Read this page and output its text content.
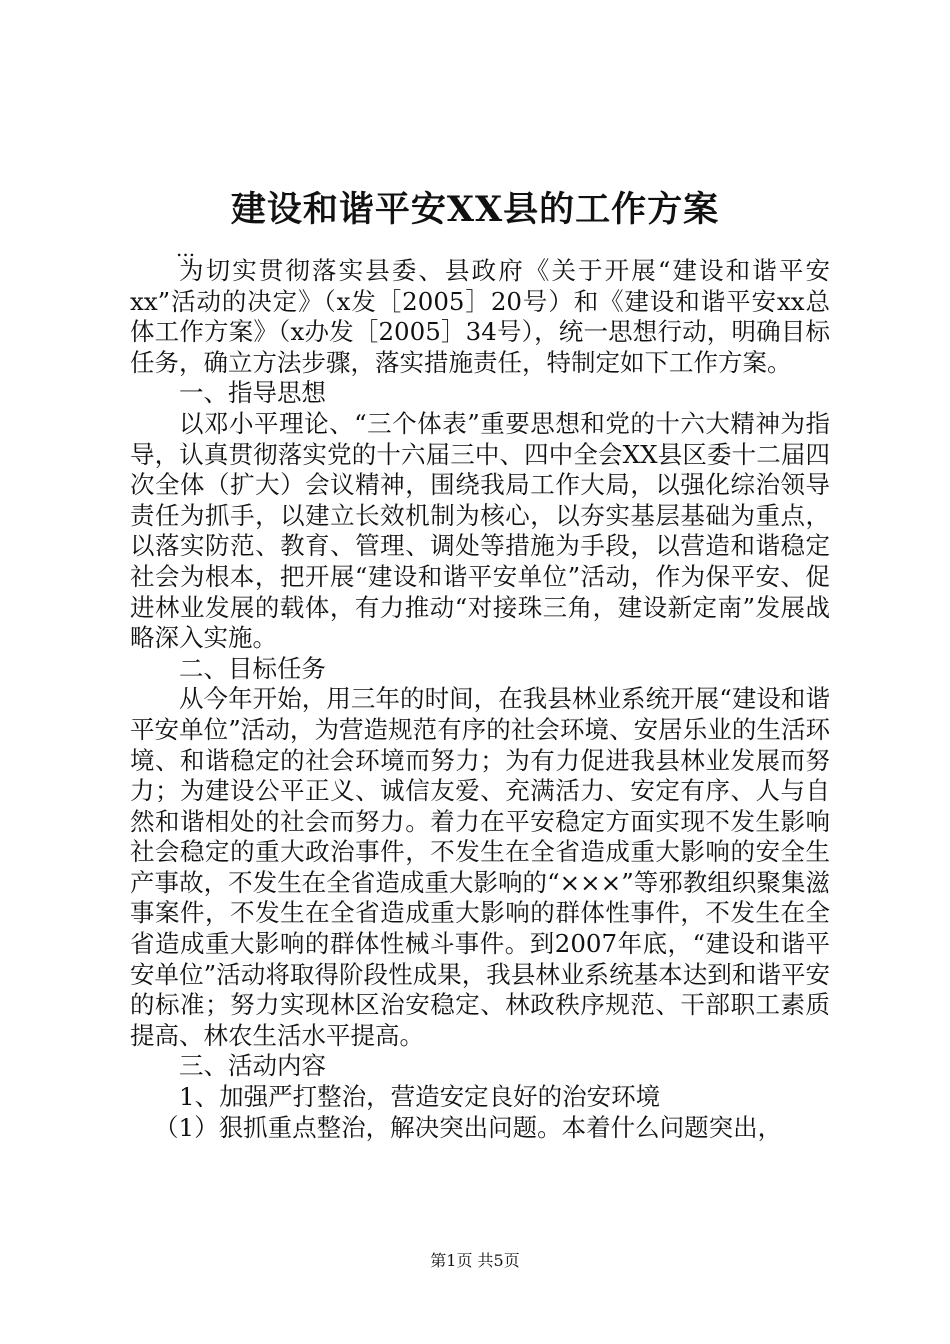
建设和谐平安XX县的工作方案

...

为切实贯彻落实县委、县政府《关于开展“建设和谐平安xx”活动的决定》（x发［2005］20号）和《建设和谐平安xx总体工作方案》（x办发［2005］34号），统一思想行动，明确目标任务，确立方法步骤，落实措施责任，特制定如下工作方案。

一、指导思想

以邓小平理论、“三个体表”重要思想和党的十六大精神为指导，认真贯彻落实党的十六届三中、四中全会XX县区委十二届四次全体（扩大）会议精神，围绕我局工作大局，以强化综治领导责任为抓手，以建立长效机制为核心，以夯实基层基础为重点，以落实防范、教育、管理、调处等措施为手段，以营造和谐稳定社会为根本，把开展“建设和谐平安单位”活动，作为保平安、促进林业发展的载体，有力推动“对接珠三角，建设新定南”发展战略深入实施。

二、目标任务

从今年开始，用三年的时间，在我县林业系统开展“建设和谐平安单位”活动，为营造规范有序的社会环境、安居乐业的生活环境、和谐稳定的社会环境而努力；为有力促进我县林业发展而努力；为建设公平正义、诚信友爱、充满活力、安定有序、人与自然和谐相处的社会而努力。着力在平安稳定方面实现不发生影响社会稳定的重大政治事件，不发生在全省造成重大影响的安全生产事故，不发生在全省造成重大影响的“×××”等邪教组织聚集滋事案件，不发生在全省造成重大影响的群体性事件，不发生在全省造成重大影响的群体性械斗事件。到2007年底，“建设和谐平安单位”活动将取得阶段性成果，我县林业系统基本达到和谐平安的标准；努力实现林区治安稳定、林政秩序规范、干部职工素质提高、林农生活水平提高。

三、活动内容

1、加强严打整治，营造安定良好的治安环境

（1）狠抓重点整治，解决突出问题。本着什么问题突出，

第1页 共5页
